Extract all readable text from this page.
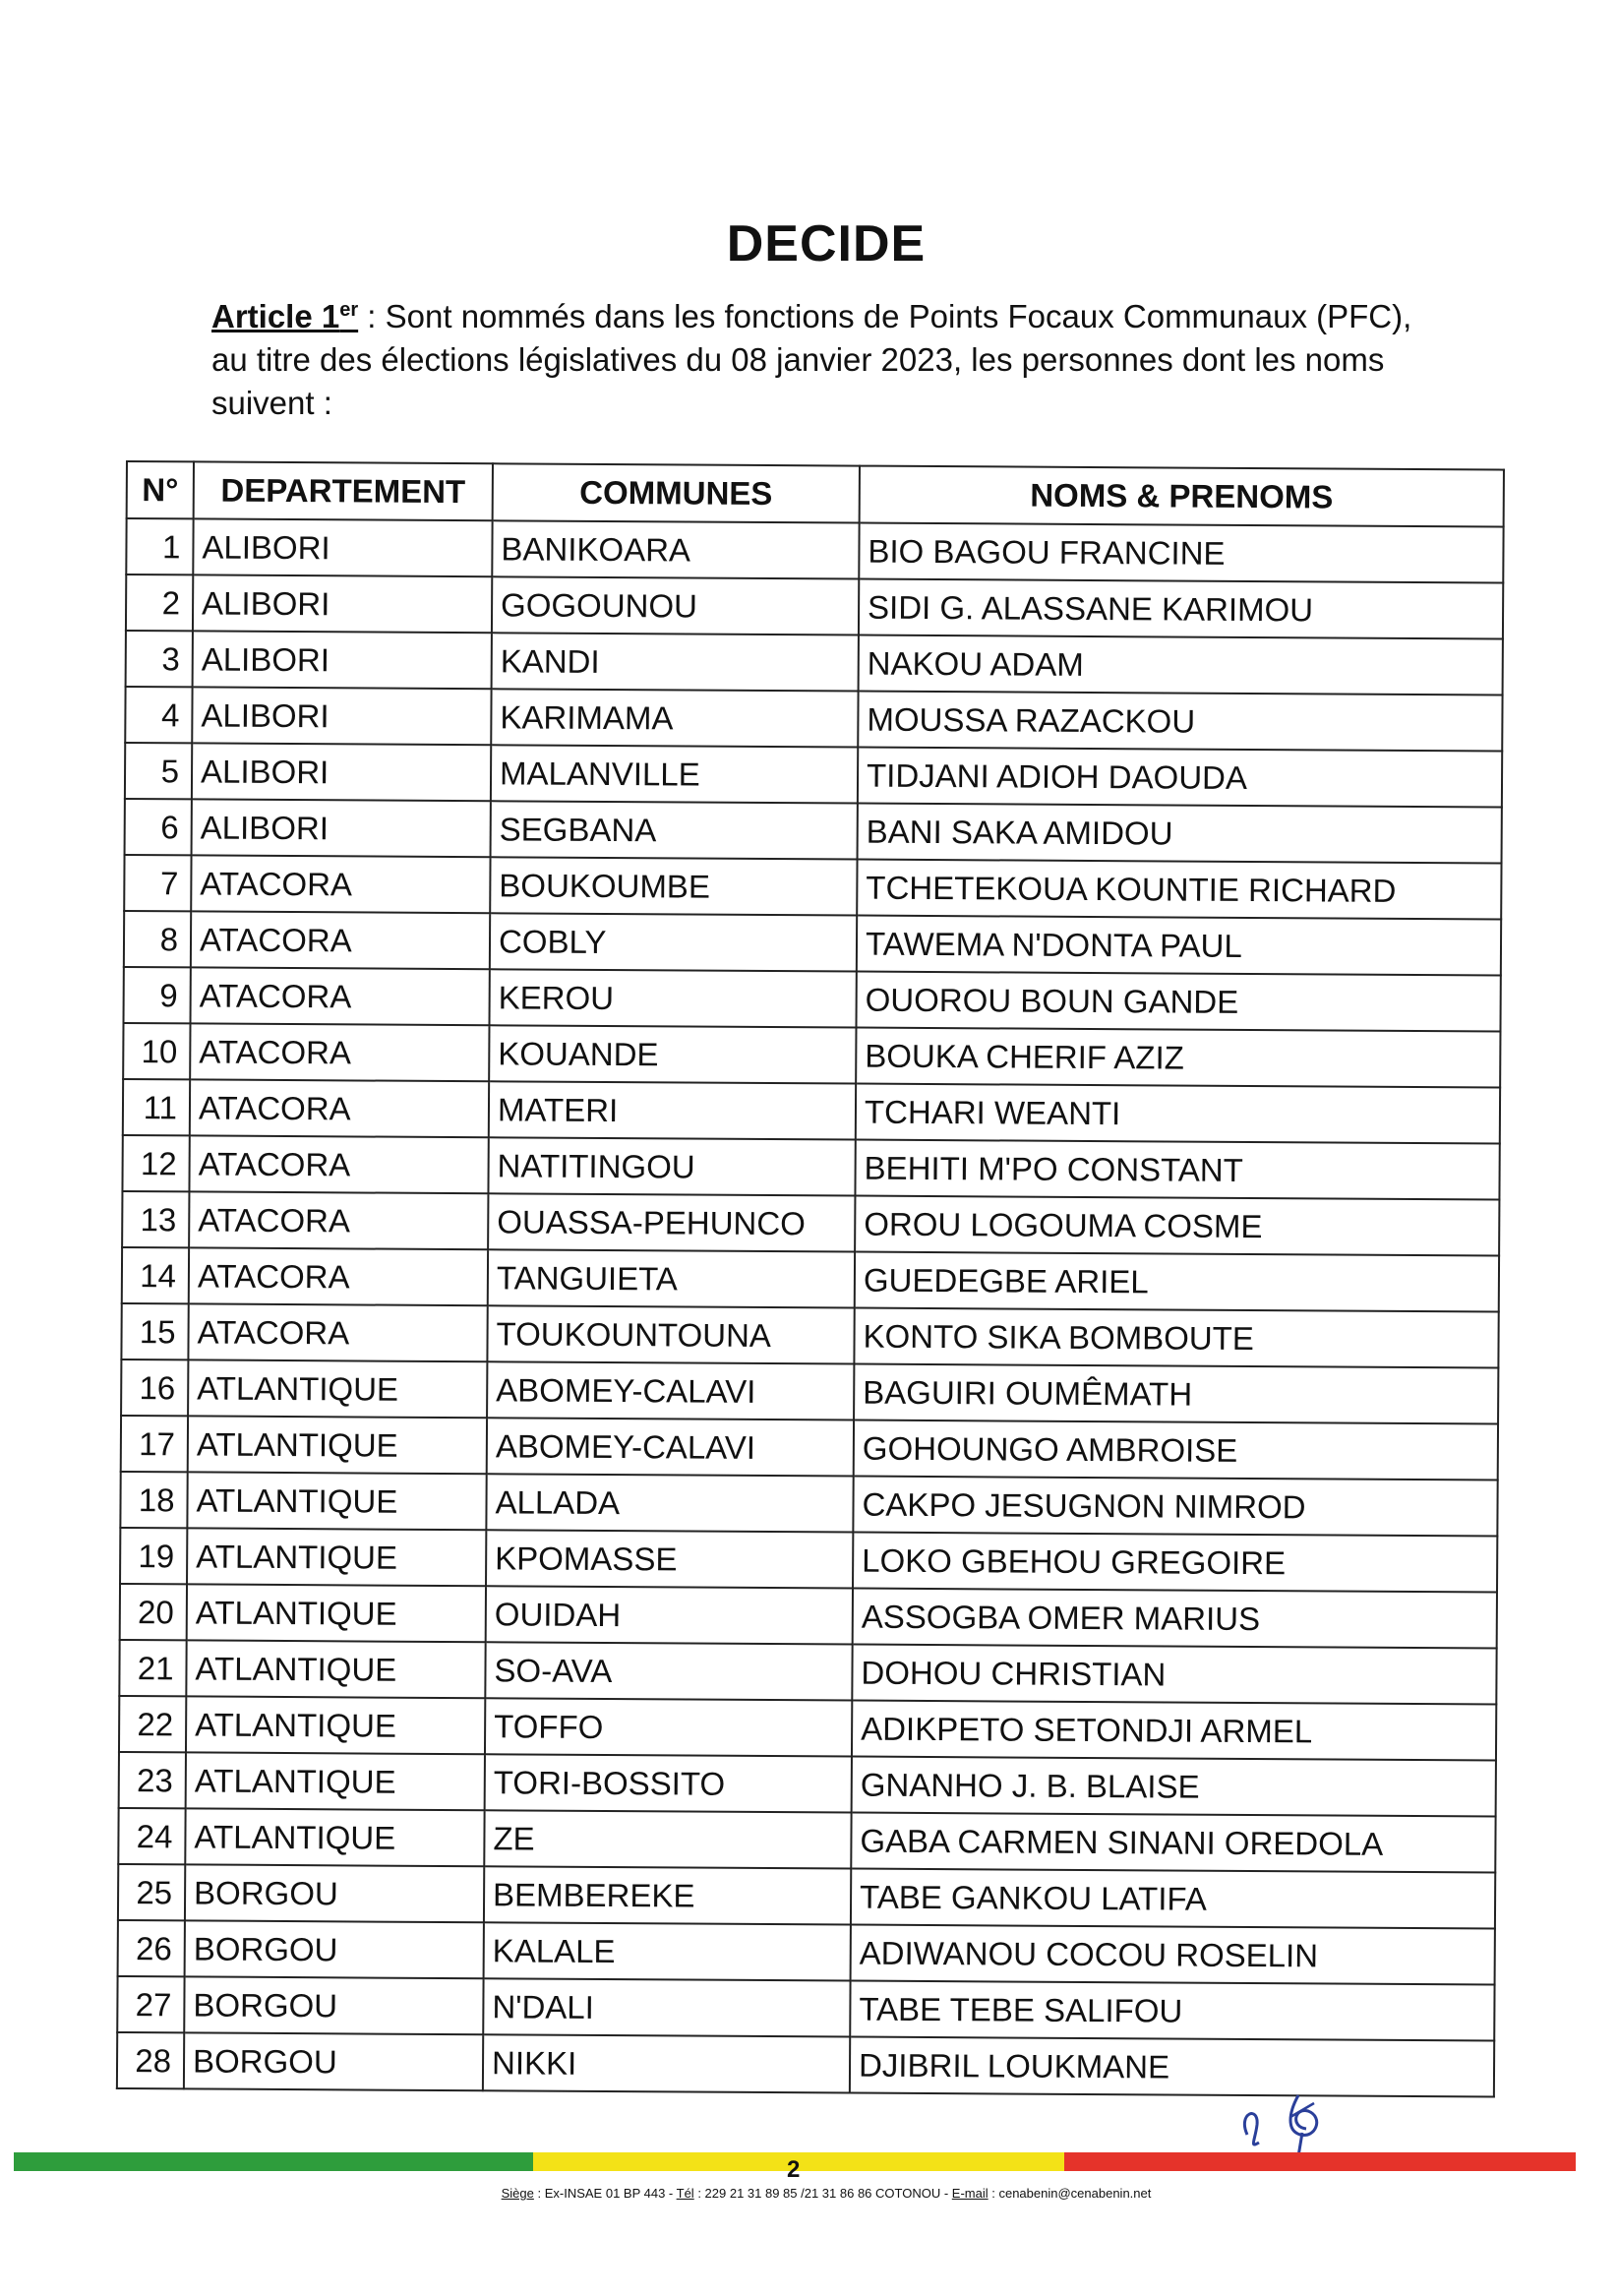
DECIDE
Article 1er : Sont nommés dans les fonctions de Points Focaux Communaux (PFC), au titre des élections législatives du 08 janvier 2023, les personnes dont les noms suivent :
N°	DEPARTEMENT	COMMUNES	NOMS & PRENOMS
1	ALIBORI	BANIKOARA	BIO BAGOU FRANCINE
2	ALIBORI	GOGOUNOU	SIDI G. ALASSANE KARIMOU
3	ALIBORI	KANDI	NAKOU ADAM
4	ALIBORI	KARIMAMA	MOUSSA RAZACKOU
5	ALIBORI	MALANVILLE	TIDJANI ADIOH DAOUDA
6	ALIBORI	SEGBANA	BANI SAKA AMIDOU
7	ATACORA	BOUKOUMBE	TCHETEKOUA KOUNTIE RICHARD
8	ATACORA	COBLY	TAWEMA N'DONTA PAUL
9	ATACORA	KEROU	OUOROU BOUN GANDE
10	ATACORA	KOUANDE	BOUKA CHERIF AZIZ
11	ATACORA	MATERI	TCHARI WEANTI
12	ATACORA	NATITINGOU	BEHITI M'PO CONSTANT
13	ATACORA	OUASSA-PEHUNCO	OROU LOGOUMA COSME
14	ATACORA	TANGUIETA	GUEDEGBE ARIEL
15	ATACORA	TOUKOUNTOUNA	KONTO SIKA BOMBOUTE
16	ATLANTIQUE	ABOMEY-CALAVI	BAGUIRI OUMÊMATH
17	ATLANTIQUE	ABOMEY-CALAVI	GOHOUNGO AMBROISE
18	ATLANTIQUE	ALLADA	CAKPO JESUGNON NIMROD
19	ATLANTIQUE	KPOMASSE	LOKO GBEHOU GREGOIRE
20	ATLANTIQUE	OUIDAH	ASSOGBA OMER MARIUS
21	ATLANTIQUE	SO-AVA	DOHOU CHRISTIAN
22	ATLANTIQUE	TOFFO	ADIKPETO SETONDJI ARMEL
23	ATLANTIQUE	TORI-BOSSITO	GNANHO J. B. BLAISE
24	ATLANTIQUE	ZE	GABA CARMEN SINANI OREDOLA
25	BORGOU	BEMBEREKE	TABE GANKOU LATIFA
26	BORGOU	KALALE	ADIWANOU COCOU ROSELIN
27	BORGOU	N'DALI	TABE TEBE SALIFOU
28	BORGOU	NIKKI	DJIBRIL LOUKMANE
2
Siège : Ex-INSAE 01 BP 443 - Tél : 229 21 31 89 85 /21 31 86 86 COTONOU - E-mail : cenabenin@cenabenin.net
